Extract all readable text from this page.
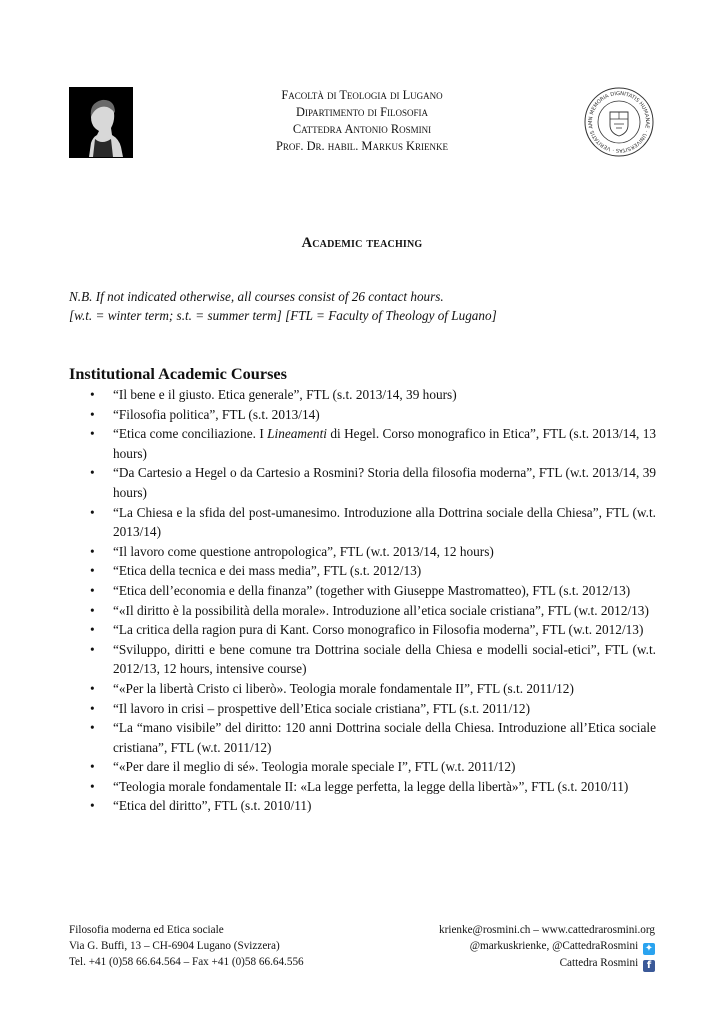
Facoltà di Teologia di Lugano
Dipartimento di Filosofia
Cattedra Antonio Rosmini
Prof. Dr. habil. Markus Krienke
IN MEMORIA DIGNITATIS HUMANAE · UNIVERSITAS · VERITATIS AM
Academic teaching
N.B. If not indicated otherwise, all courses consist of 26 contact hours.
[w.t. = winter term; s.t. = summer term] [FTL = Faculty of Theology of Lugano]
Institutional Academic Courses
• “Il bene e il giusto. Etica generale”, FTL (s.t. 2013/14, 39 hours)
• “Filosofia politica”, FTL (s.t. 2013/14)
• “Etica come conciliazione. I Lineamenti di Hegel. Corso monografico in Etica”, FTL (s.t. 2013/14, 13 hours)
• “Da Cartesio a Hegel o da Cartesio a Rosmini? Storia della filosofia moderna”, FTL (w.t. 2013/14, 39 hours)
• “La Chiesa e la sfida del post-umanesimo. Introduzione alla Dottrina sociale della Chiesa”, FTL (w.t. 2013/14)
• “Il lavoro come questione antropologica”, FTL (w.t. 2013/14, 12 hours)
• “Etica della tecnica e dei mass media”, FTL (s.t. 2012/13)
• “Etica dell’economia e della finanza” (together with Giuseppe Mastromatteo), FTL (s.t. 2012/13)
• “«Il diritto è la possibilità della morale». Introduzione all’etica sociale cristiana”, FTL (w.t. 2012/13)
• “La critica della ragion pura di Kant. Corso monografico in Filosofia moderna”, FTL (w.t. 2012/13)
• “Sviluppo, diritti e bene comune tra Dottrina sociale della Chiesa e modelli social-etici”, FTL (w.t. 2012/13, 12 hours, intensive course)
• “«Per la libertà Cristo ci liberò». Teologia morale fondamentale II”, FTL (s.t. 2011/12)
• “Il lavoro in crisi – prospettive dell’Etica sociale cristiana”, FTL (s.t. 2011/12)
• “La “mano visibile” del diritto: 120 anni Dottrina sociale della Chiesa. Introduzione all’Etica sociale cristiana”, FTL (w.t. 2011/12)
• “«Per dare il meglio di sé». Teologia morale speciale I”, FTL (w.t. 2011/12)
• “Teologia morale fondamentale II: «La legge perfetta, la legge della libertà»”, FTL (s.t. 2010/11)
• “Etica del diritto”, FTL (s.t. 2010/11)
Filosofia moderna ed Etica sociale
Via G. Buffi, 13 – CH-6904 Lugano (Svizzera)
Tel. +41 (0)58 66.64.564 – Fax +41 (0)58 66.64.556
krienke@rosmini.ch – www.cattedrarosmini.org
@markuskrienke, @CattedraRosmini ✦
Cattedra Rosmini f
